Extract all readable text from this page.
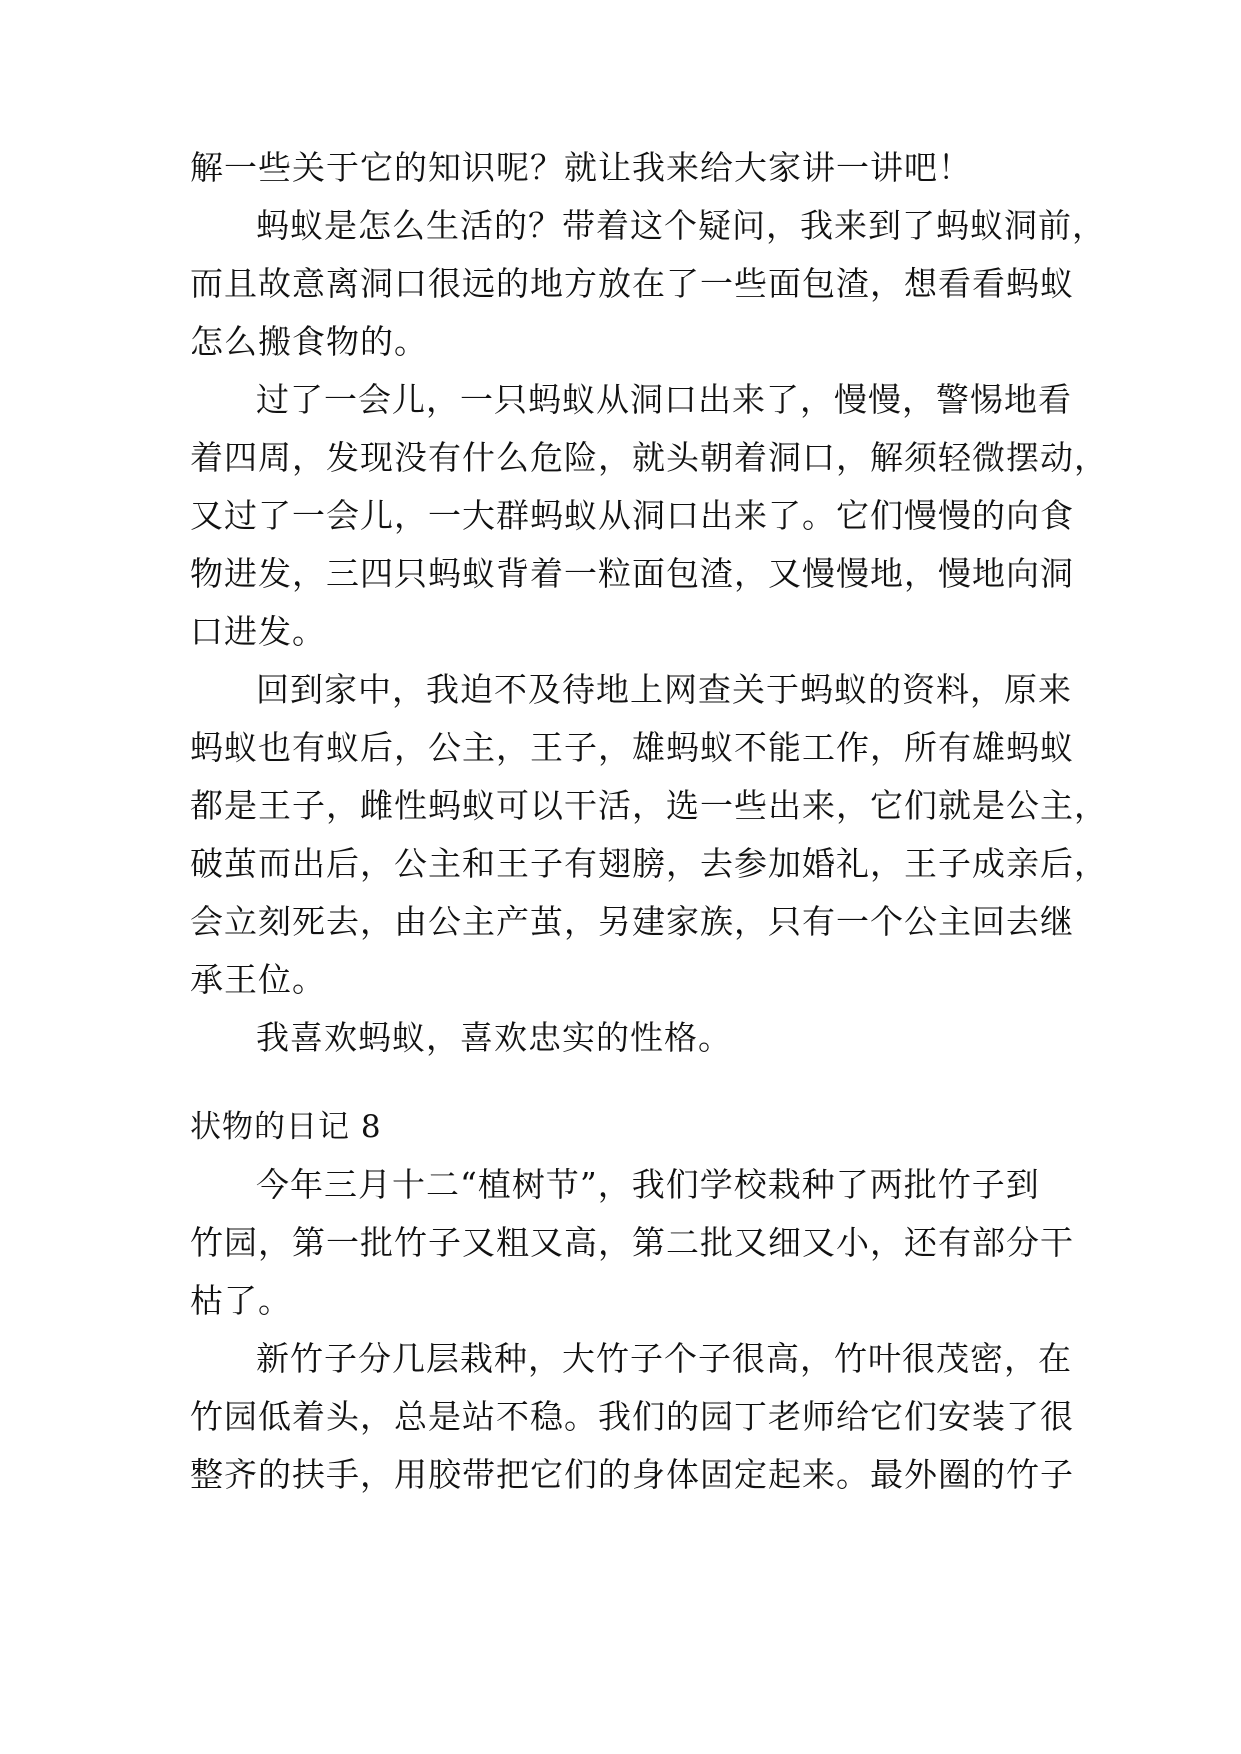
解一些关于它的知识呢？就让我来给大家讲一讲吧！
蚂蚁是怎么生活的？带着这个疑问，我来到了蚂蚁洞前，
而且故意离洞口很远的地方放在了一些面包渣，想看看蚂蚁
怎么搬食物的。
过了一会儿，一只蚂蚁从洞口出来了，慢慢，警惕地看
着四周，发现没有什么危险，就头朝着洞口，解须轻微摆动，
又过了一会儿，一大群蚂蚁从洞口出来了。它们慢慢的向食
物进发，三四只蚂蚁背着一粒面包渣，又慢慢地，慢地向洞
口进发。
回到家中，我迫不及待地上网查关于蚂蚁的资料，原来
蚂蚁也有蚁后，公主，王子，雄蚂蚁不能工作，所有雄蚂蚁
都是王子，雌性蚂蚁可以干活，选一些出来，它们就是公主，
破茧而出后，公主和王子有翅膀，去参加婚礼，王子成亲后，
会立刻死去，由公主产茧，另建家族，只有一个公主回去继
承王位。
我喜欢蚂蚁，喜欢忠实的性格。
状物的日记 8
今年三月十二“植树节”，我们学校栽种了两批竹子到
竹园，第一批竹子又粗又高，第二批又细又小，还有部分干
枯了。
新竹子分几层栽种，大竹子个子很高，竹叶很茂密，在
竹园低着头，总是站不稳。我们的园丁老师给它们安装了很
整齐的扶手，用胶带把它们的身体固定起来。最外圈的竹子
